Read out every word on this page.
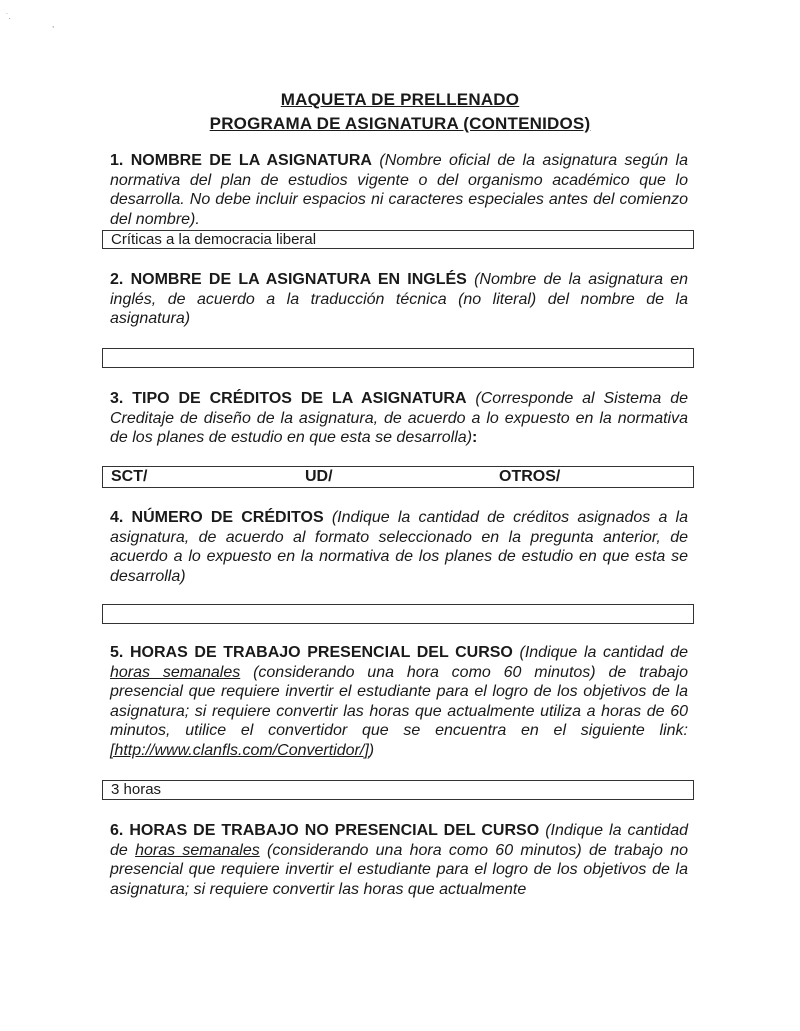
˙.
,
MAQUETA DE PRELLENADO
PROGRAMA DE ASIGNATURA (CONTENIDOS)
1. NOMBRE DE LA ASIGNATURA (Nombre oficial de la asignatura según la normativa del plan de estudios vigente o del organismo académico que lo desarrolla. No debe incluir espacios ni caracteres especiales antes del comienzo del nombre).
Críticas a la democracia liberal
2. NOMBRE DE LA ASIGNATURA EN INGLÉS (Nombre de la asignatura en inglés, de acuerdo a la traducción técnica (no literal) del nombre de la asignatura)
3. TIPO DE CRÉDITOS DE LA ASIGNATURA (Corresponde al Sistema de Creditaje de diseño de la asignatura, de acuerdo a lo expuesto en la normativa de los planes de estudio en que esta se desarrolla):
SCT/	UD/	OTROS/
4. NÚMERO DE CRÉDITOS (Indique la cantidad de créditos asignados a la asignatura, de acuerdo al formato seleccionado en la pregunta anterior, de acuerdo a lo expuesto en la normativa de los planes de estudio en que esta se desarrolla)
5. HORAS DE TRABAJO PRESENCIAL DEL CURSO (Indique la cantidad de horas semanales (considerando una hora como 60 minutos) de trabajo presencial que requiere invertir el estudiante para el logro de los objetivos de la asignatura; si requiere convertir las horas que actualmente utiliza a horas de 60 minutos, utilice el convertidor que se encuentra en el siguiente link: [http://www.clanfls.com/Convertidor/])
3 horas
6. HORAS DE TRABAJO NO PRESENCIAL DEL CURSO (Indique la cantidad de horas semanales (considerando una hora como 60 minutos) de trabajo no presencial que requiere invertir el estudiante para el logro de los objetivos de la asignatura; si requiere convertir las horas que actualmente
